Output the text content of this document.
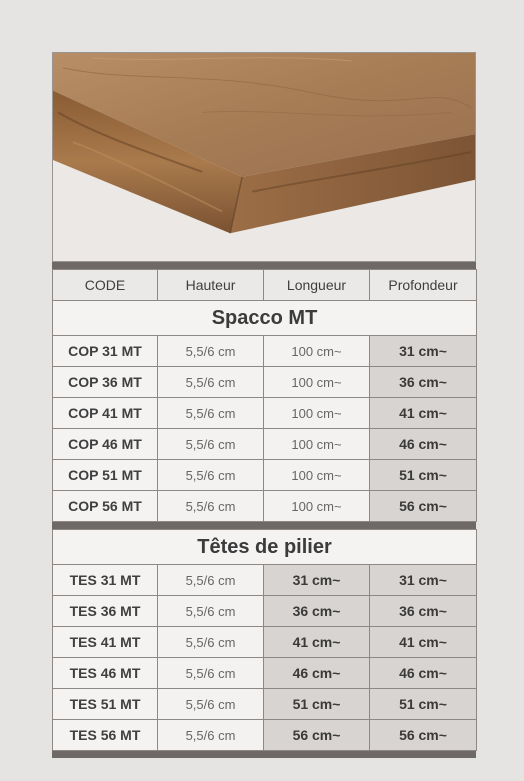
CODE	Hauteur	Longueur	Profondeur
Spacco MT			
COP 31 MT	5,5/6 cm	100 cm~	31 cm~
COP 36 MT	5,5/6 cm	100 cm~	36 cm~
COP 41 MT	5,5/6 cm	100 cm~	41 cm~
COP 46 MT	5,5/6 cm	100 cm~	46 cm~
COP 51 MT	5,5/6 cm	100 cm~	51 cm~
COP 56 MT	5,5/6 cm	100 cm~	56 cm~
Têtes de pilier			
TES 31 MT	5,5/6 cm	31 cm~	31 cm~
TES 36 MT	5,5/6 cm	36 cm~	36 cm~
TES 41 MT	5,5/6 cm	41 cm~	41 cm~
TES 46 MT	5,5/6 cm	46 cm~	46 cm~
TES 51 MT	5,5/6 cm	51 cm~	51 cm~
TES 56 MT	5,5/6 cm	56 cm~	56 cm~
